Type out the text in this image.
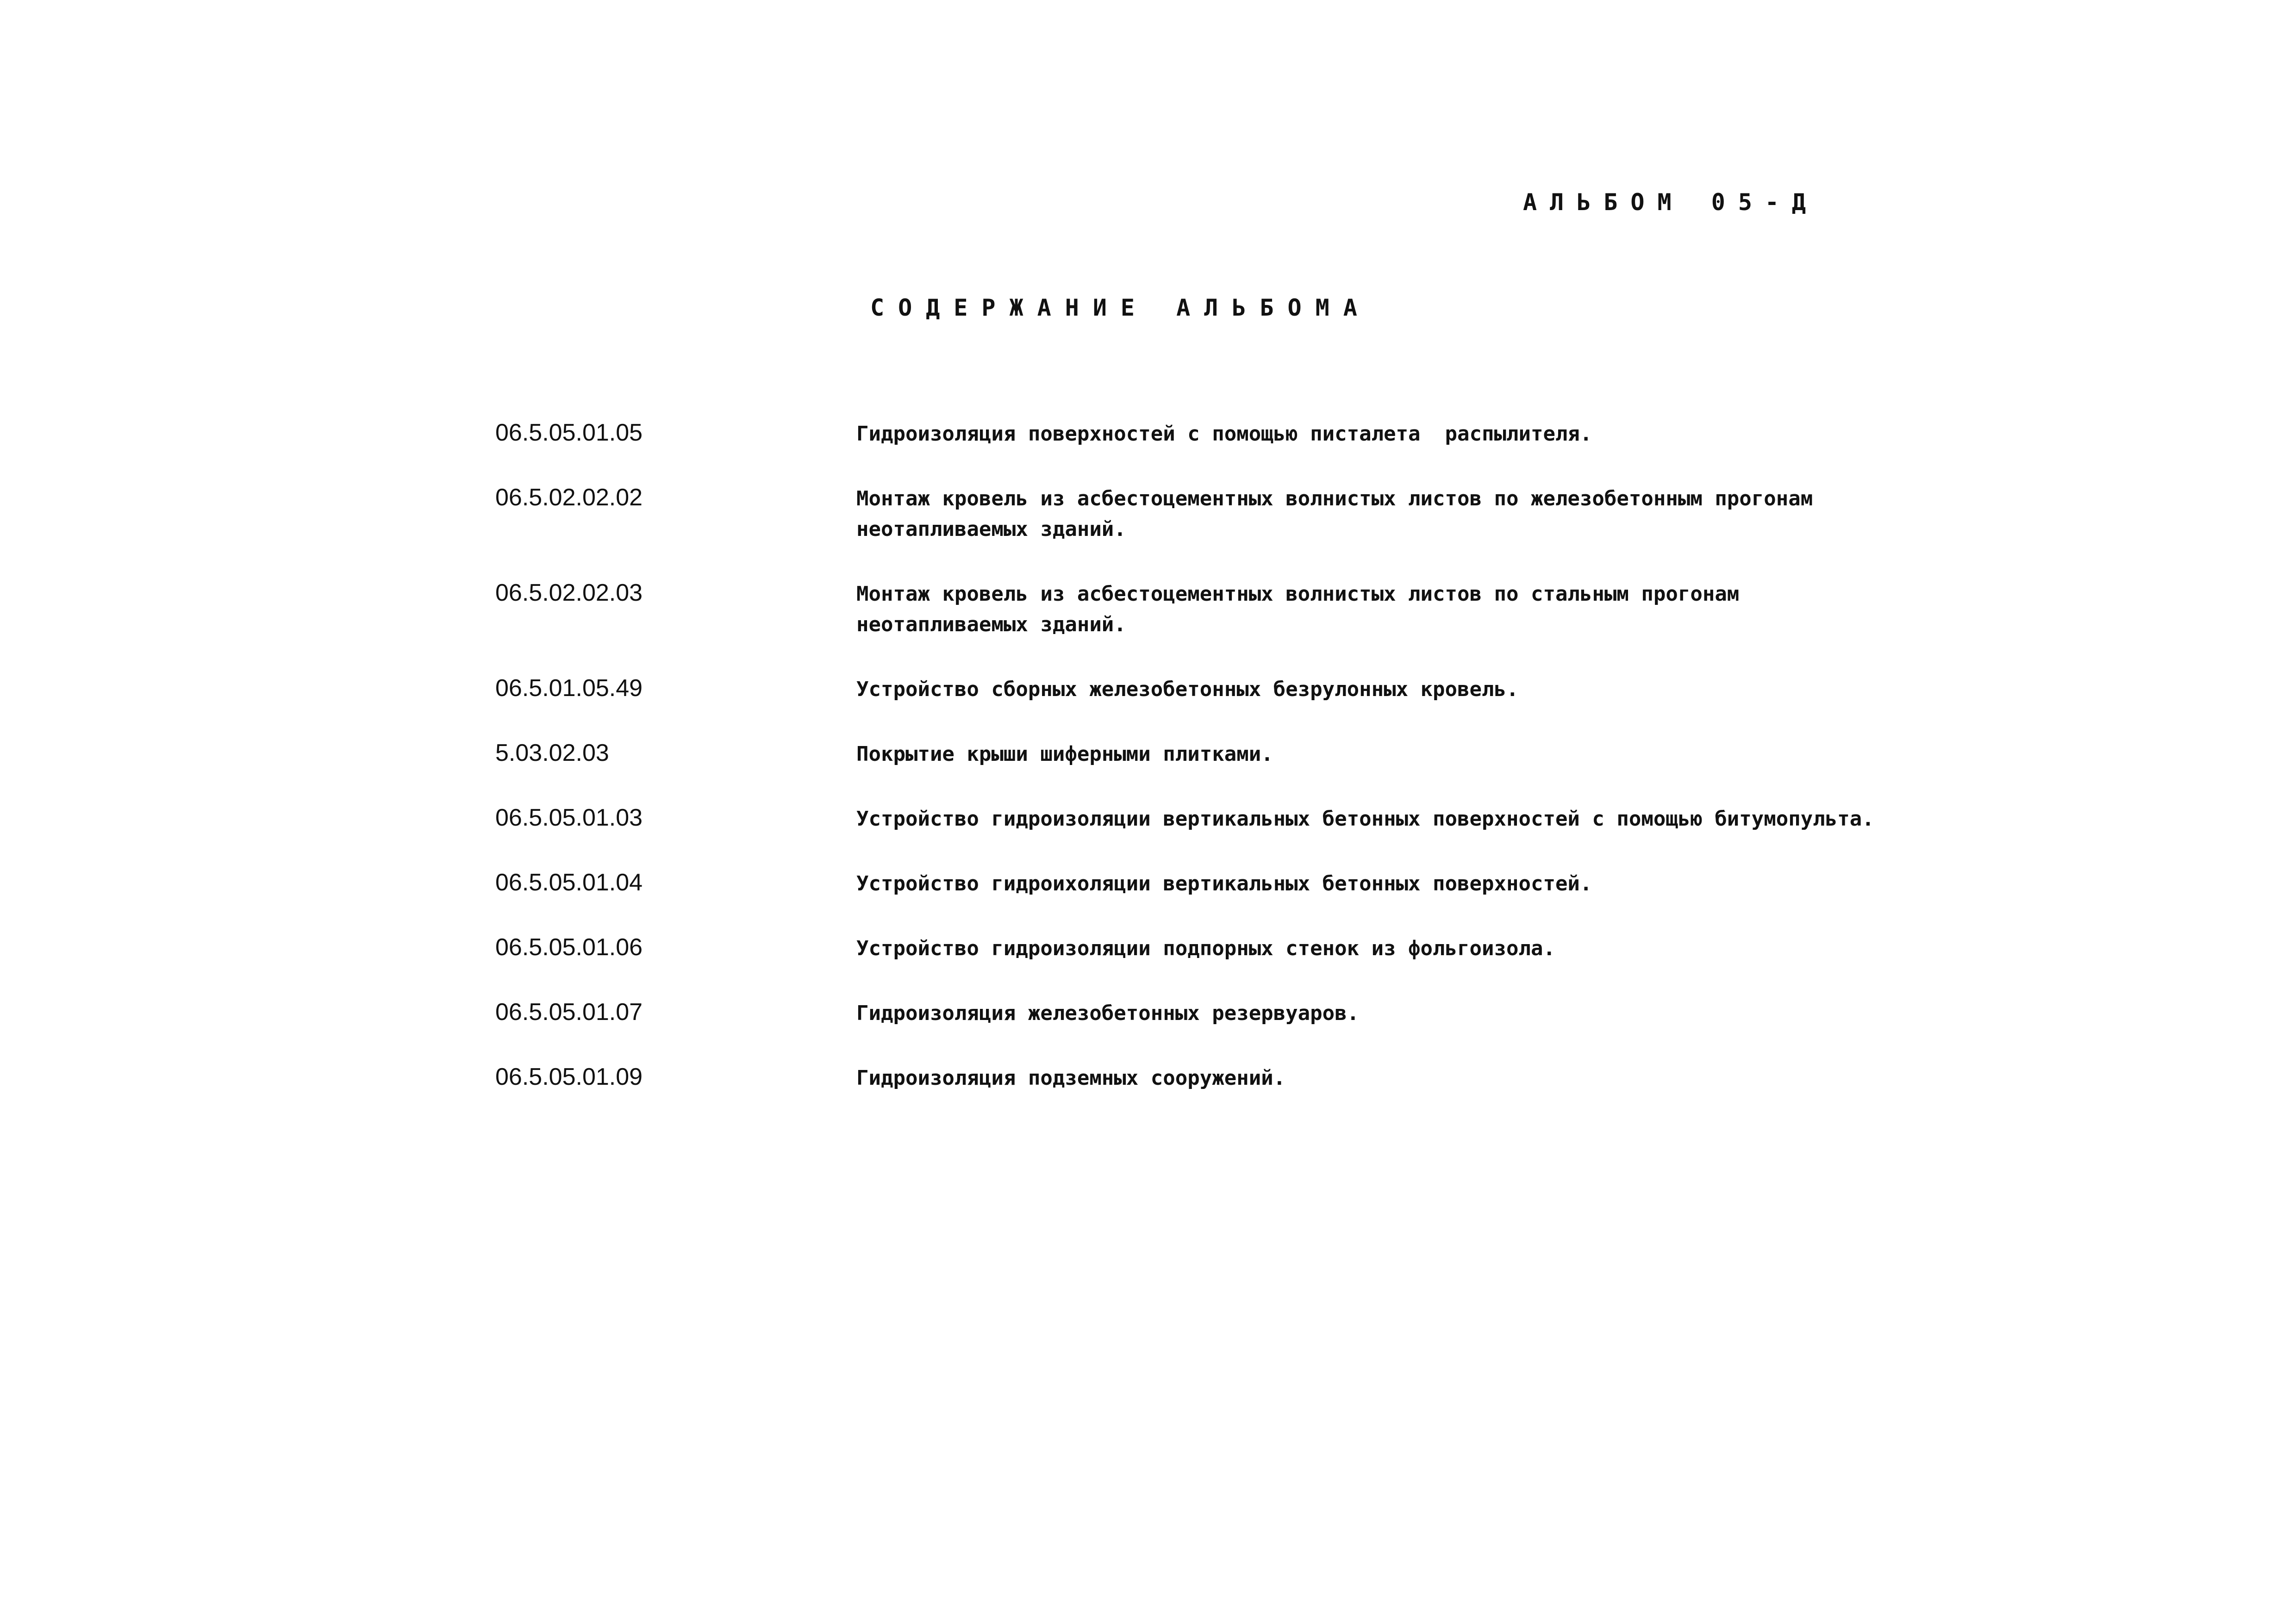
АЛЬБОМ 05-Д
СОДЕРЖАНИЕ АЛЬБОМА
06.5.05.01.05	Гидроизоляция поверхностей с помощью писталета  распылителя.
06.5.02.02.02	Монтаж кровель из асбестоцементных волнистых листов по железобетонным прогонам
неотапливаемых зданий.
06.5.02.02.03	Монтаж кровель из асбестоцементных волнистых листов по стальным прогонам
неотапливаемых зданий.
06.5.01.05.49	Устройство сборных железобетонных безрулонных кровель.
5.03.02.03	Покрытие крыши шиферными плитками.
06.5.05.01.03	Устройство гидроизоляции вертикальных бетонных поверхностей с помощью битумопульта.
06.5.05.01.04	Устройство гидроихоляции вертикальных бетонных поверхностей.
06.5.05.01.06	Устройство гидроизоляции подпорных стенок из фольгоизола.
06.5.05.01.07	Гидроизоляция железобетонных резервуаров.
06.5.05.01.09	Гидроизоляция подземных сооружений.
